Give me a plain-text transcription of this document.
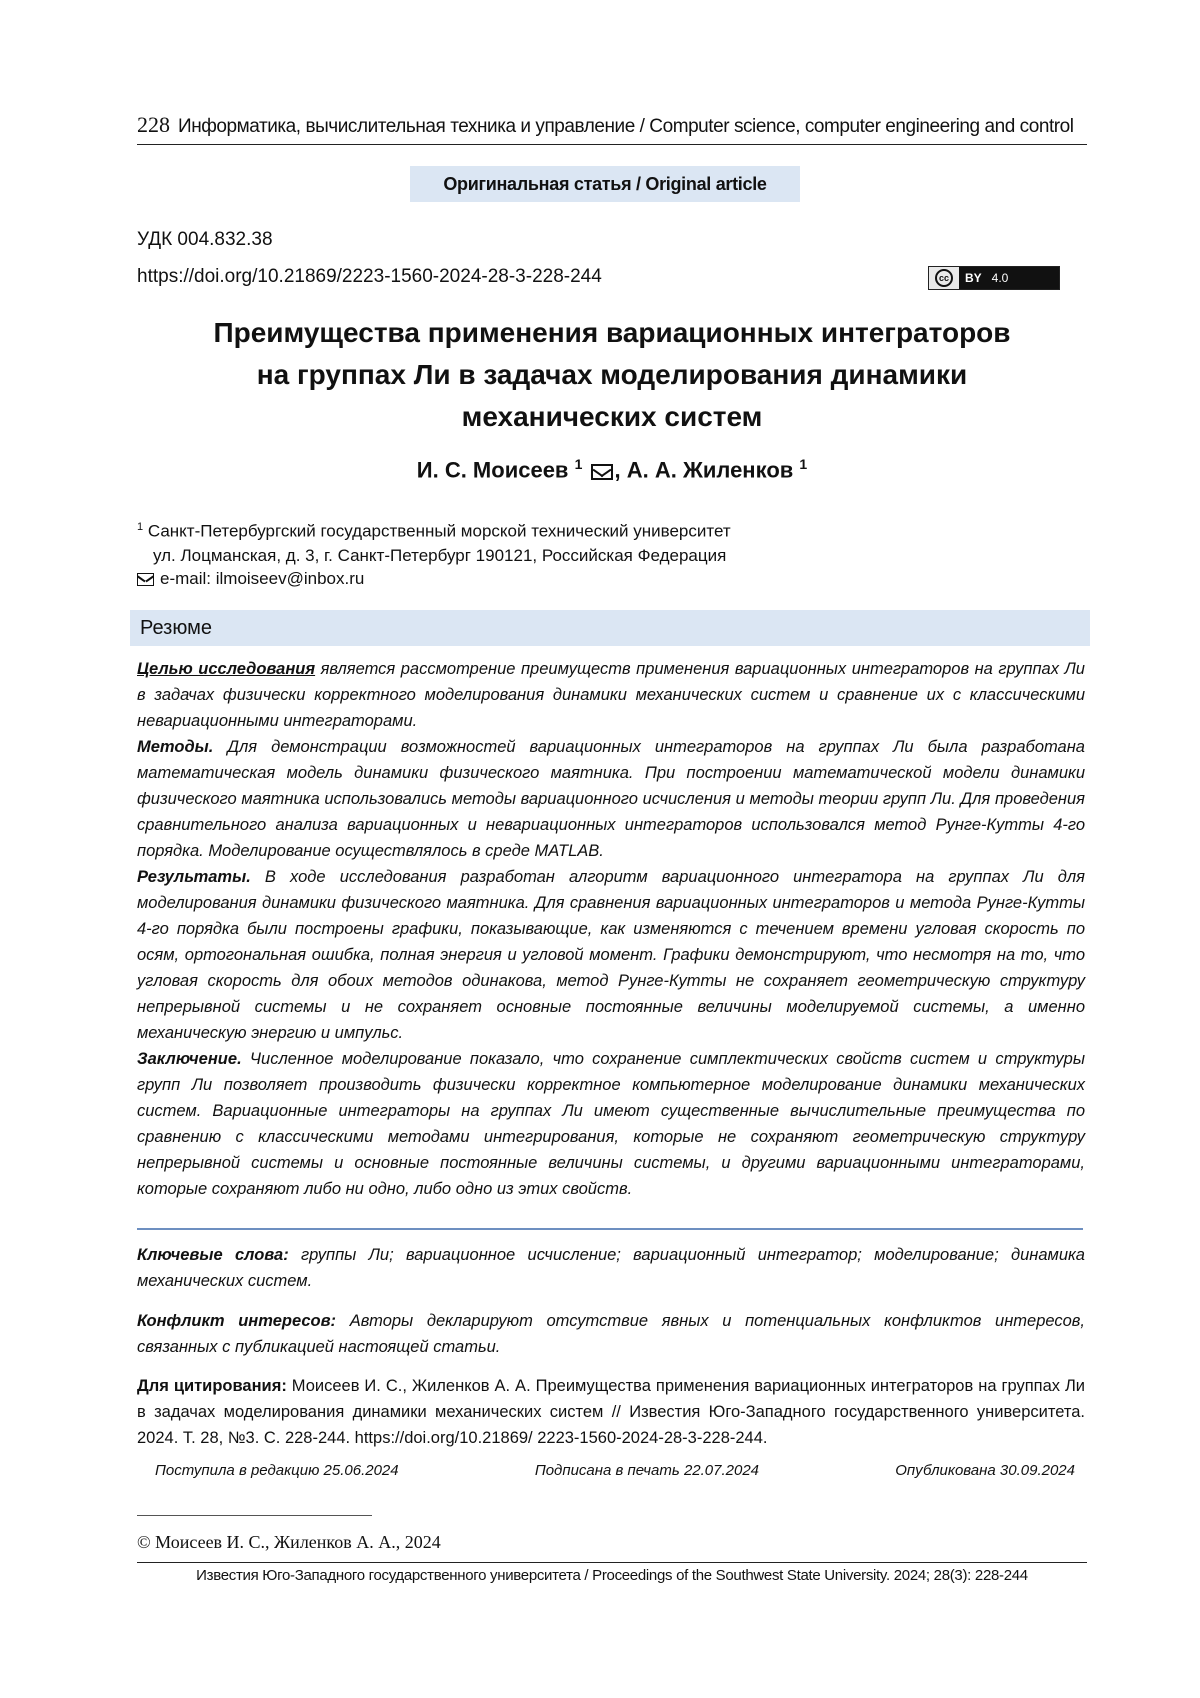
228 Информатика, вычислительная техника и управление / Computer science, computer engineering and control
Оригинальная статья / Original article
УДК 004.832.38
https://doi.org/10.21869/2223-1560-2024-28-3-228-244	cc	BY 4.0
Преимущества применения вариационных интеграторов
на группах Ли в задачах моделирования динамики
механических систем
И. С. Моисеев $^1$ , А. А. Жиленков $^1$
$^1$ Санкт-Петербургский государственный морской технический университет
ул. Лоцманская, д. 3, г. Санкт-Петербург 190121, Российская Федерация
e-mail: ilmoiseev@inbox.ru
Резюме

Целью исследования является рассмотрение преимуществ применения вариационных интеграторов на группах Ли в задачах физически корректного моделирования динамики механических систем и сравнение их с классическими невариационными интеграторами.

Методы. Для демонстрации возможностей вариационных интеграторов на группах Ли была разработана математическая модель динамики физического маятника. При построении математической модели динамики физического маятника использовались методы вариационного исчисления и методы теории групп Ли. Для проведения сравнительного анализа вариационных и невариационных интеграторов использовался метод Рунге-Кутты 4-го порядка. Моделирование осуществлялось в среде MATLAB.

Результаты. В ходе исследования разработан алгоритм вариационного интегратора на группах Ли для моделирования динамики физического маятника. Для сравнения вариационных интеграторов и метода Рунге-Кутты 4-го порядка были построены графики, показывающие, как изменяются с течением времени угловая скорость по осям, ортогональная ошибка, полная энергия и угловой момент. Графики демонстрируют, что несмотря на то, что угловая скорость для обоих методов одинакова, метод Рунге-Кутты не сохраняет геометрическую структуру непрерывной системы и не сохраняет основные постоянные величины моделируемой системы, а именно механическую энергию и импульс.

Заключение. Численное моделирование показало, что сохранение симплектических свойств систем и структуры групп Ли позволяет производить физически корректное компьютерное моделирование динамики механических систем. Вариационные интеграторы на группах Ли имеют существенные вычислительные преимущества по сравнению с классическими методами интегрирования, которые не сохраняют геометрическую структуру непрерывной системы и основные постоянные величины системы, и другими вариационными интеграторами, которые сохраняют либо ни одно, либо одно из этих свойств.

Ключевые слова: группы Ли; вариационное исчисление; вариационный интегратор; моделирование; динамика механических систем.
Конфликт интересов: Авторы декларируют отсутствие явных и потенциальных конфликтов интересов, связанных с публикацией настоящей статьи.
Для цитирования: Моисеев И. С., Жиленков А. А. Преимущества применения вариационных интеграторов на группах Ли в задачах моделирования динамики механических систем // Известия Юго-Западного государственного университета. 2024. Т. 28, №3. С. 228-244. https://doi.org/10.21869/ 2223-1560-2024-28-3-228-244.
Поступила в редакцию 25.06.2024	Подписана в печать 22.07.2024	Опубликована 30.09.2024
© Моисеев И. С., Жиленков А. А., 2024
Известия Юго-Западного государственного университета / Proceedings of the Southwest State University. 2024; 28(3): 228-244
